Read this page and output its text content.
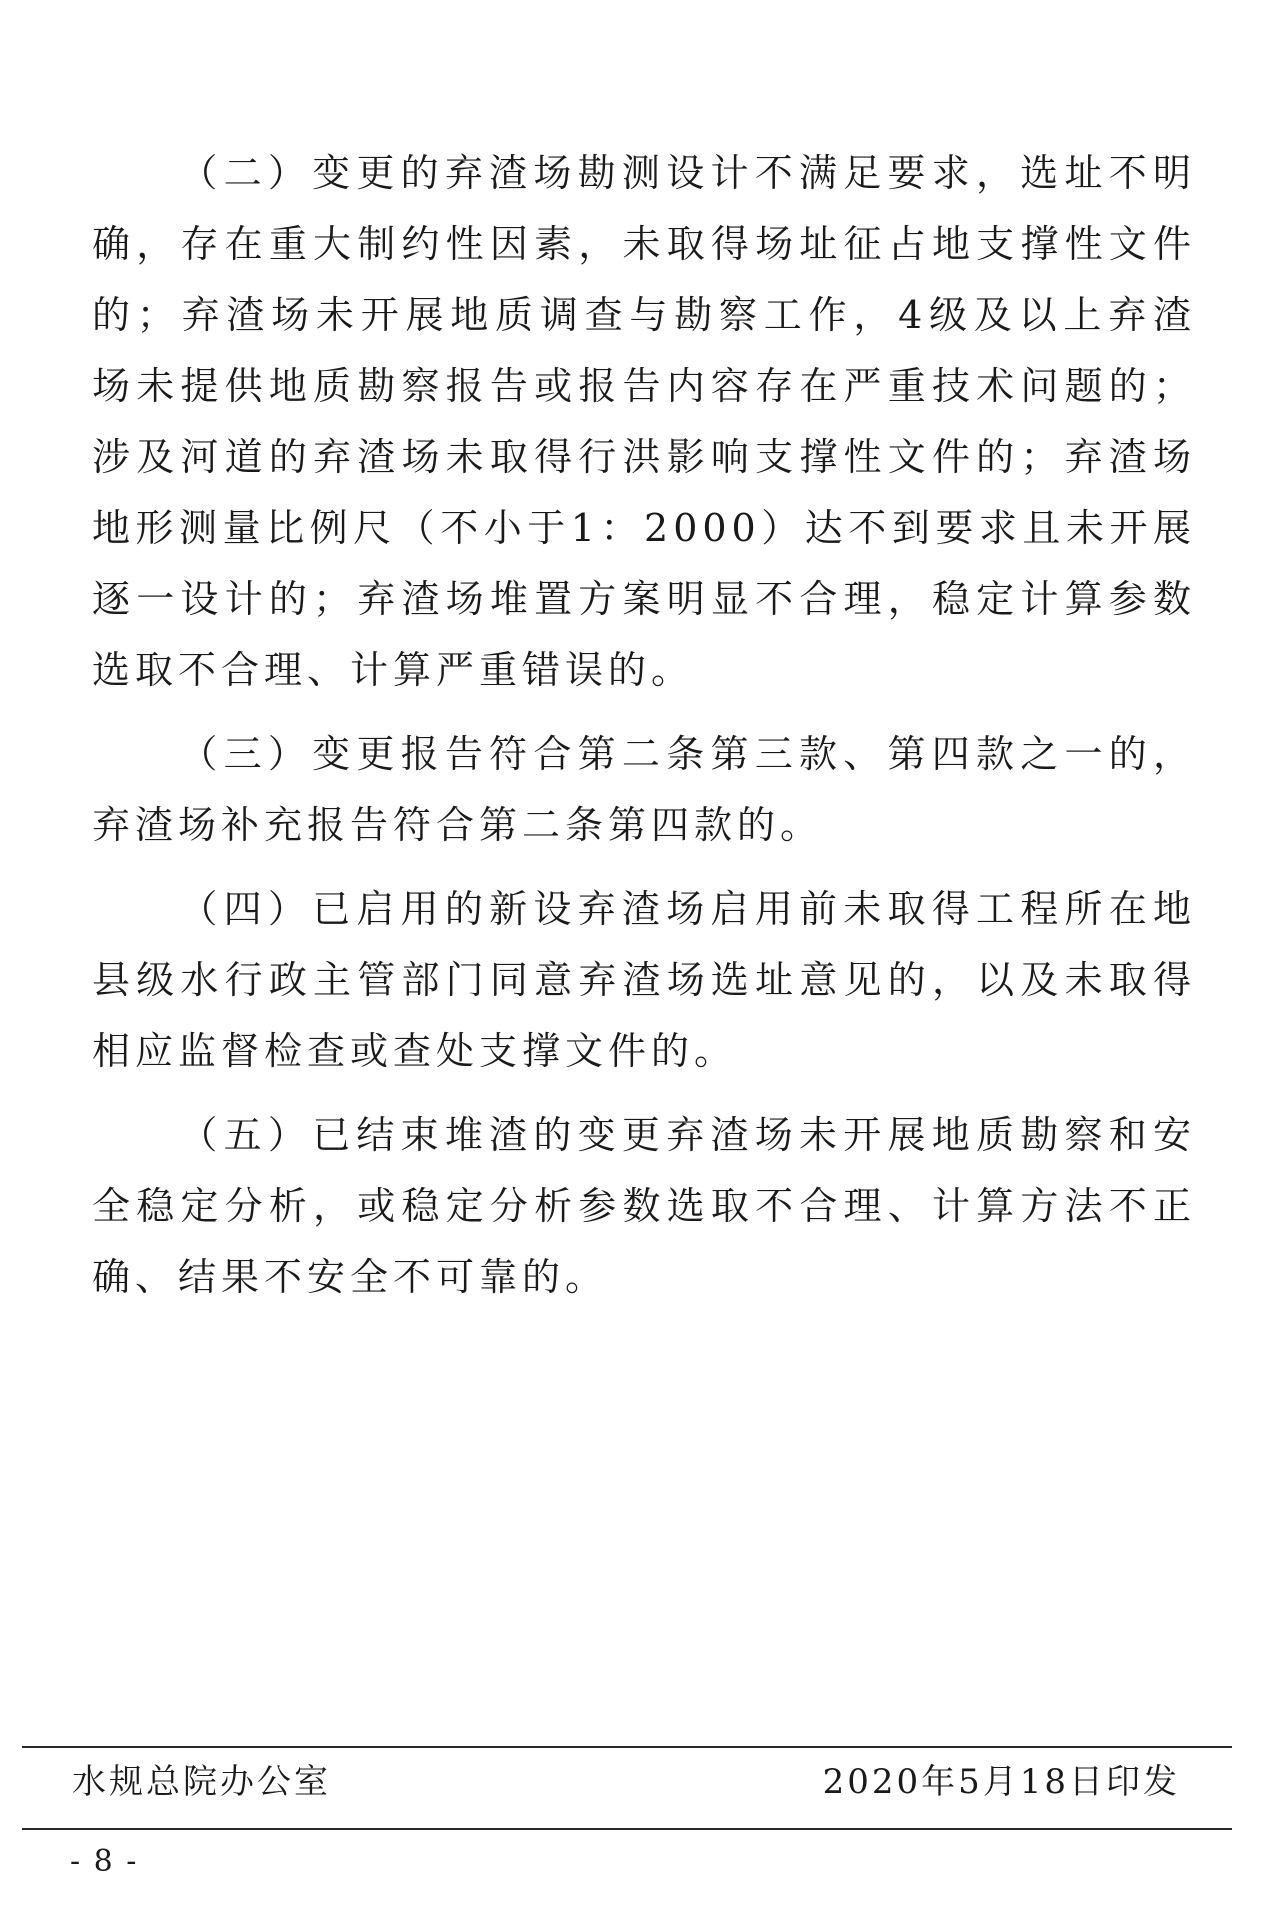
（二）变更的弃渣场勘测设计不满足要求，选址不明确，存在重大制约性因素，未取得场址征占地支撑性文件的；弃渣场未开展地质调查与勘察工作，4级及以上弃渣场未提供地质勘察报告或报告内容存在严重技术问题的；涉及河道的弃渣场未取得行洪影响支撑性文件的；弃渣场地形测量比例尺（不小于1：2000）达不到要求且未开展逐一设计的；弃渣场堆置方案明显不合理，稳定计算参数选取不合理、计算严重错误的。

（三）变更报告符合第二条第三款、第四款之一的，弃渣场补充报告符合第二条第四款的。

（四）已启用的新设弃渣场启用前未取得工程所在地县级水行政主管部门同意弃渣场选址意见的，以及未取得相应监督检查或查处支撑文件的。

（五）已结束堆渣的变更弃渣场未开展地质勘察和安全稳定分析，或稳定分析参数选取不合理、计算方法不正确、结果不安全不可靠的。

水规总院办公室	2020年5月18日印发
- 8 -
